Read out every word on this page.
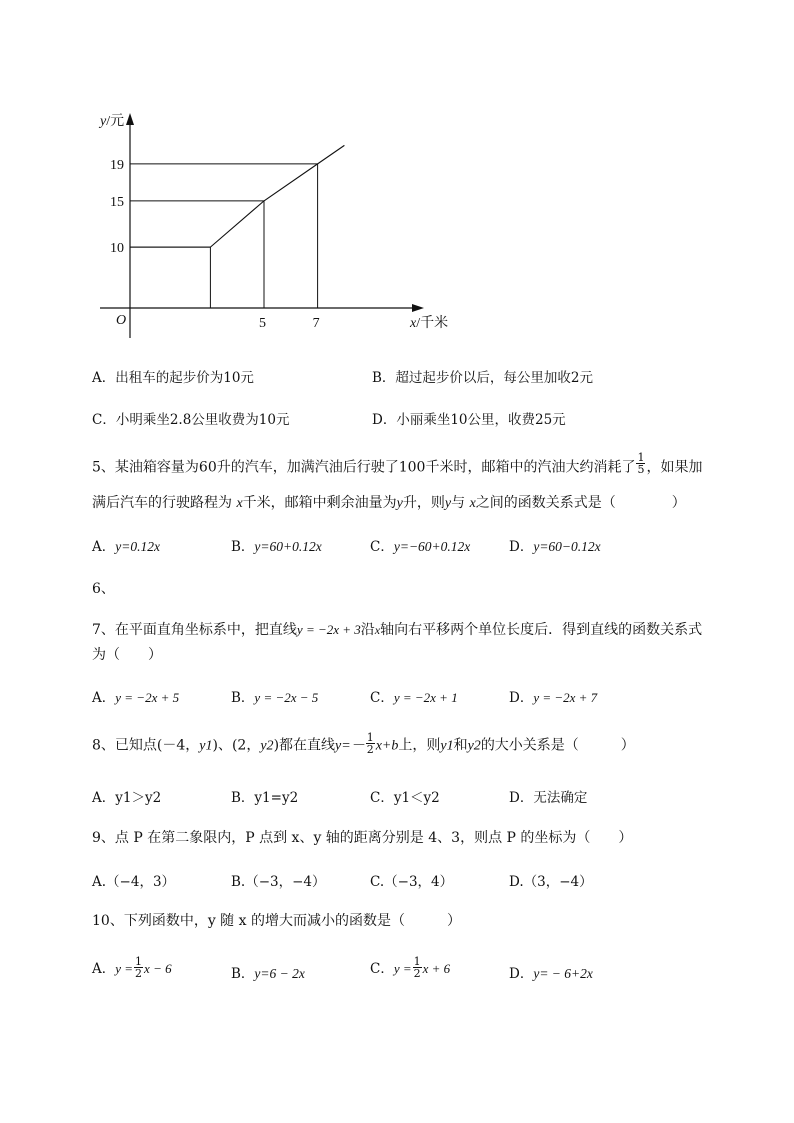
y/元
x/千米
O
10
15
19
5	7
A．出租车的起步价为10元	B．超过起步价以后，每公里加收2元
C．小明乘坐2.8公里收费为10元	D．小丽乘坐10公里，收费25元
5、某油箱容量为60升的汽车，加满汽油后行驶了100千米时，邮箱中的汽油大约消耗了 $\frac{1}{5}$ ，如果加
满后汽车的行驶路程为 x千米，邮箱中剩余油量为y升，则y与 x之间的函数关系式是（　　　　）
A．y=0.12x	B．y=60+0.12x	C．y=−60+0.12x	D．y=60−0.12x
6、
7、在平面直角坐标系中，把直线y = −2x + 3沿x轴向右平移两个单位长度后．得到直线的函数关系式
为（　　）
A．y = −2x + 5	B．y = −2x − 5	C．y = −2x + 1	D．y = −2x + 7
8、已知点(－4，y1)、(2，y2)都在直线$y=- \frac{1}{2} x+b$上，则y1和y2的大小关系是（　　　）
A．y1＞y2	B．y1=y2	C．y1＜y2	D．无法确定
9、点 P 在第二象限内，P 点到 x、y 轴的距离分别是 4、3，则点 P 的坐标为（　　）
A.（−4，3）	B.（−3，−4）	C.（−3，4）	D.（3，−4）
10、下列函数中，y 随 x 的增大而减小的函数是（　　　）
A．$y = \frac{1}{2}$ x − 6	B．y=6 − 2x	C．$y = \frac{1}{2}$ x + 6	D．y= − 6+2x
